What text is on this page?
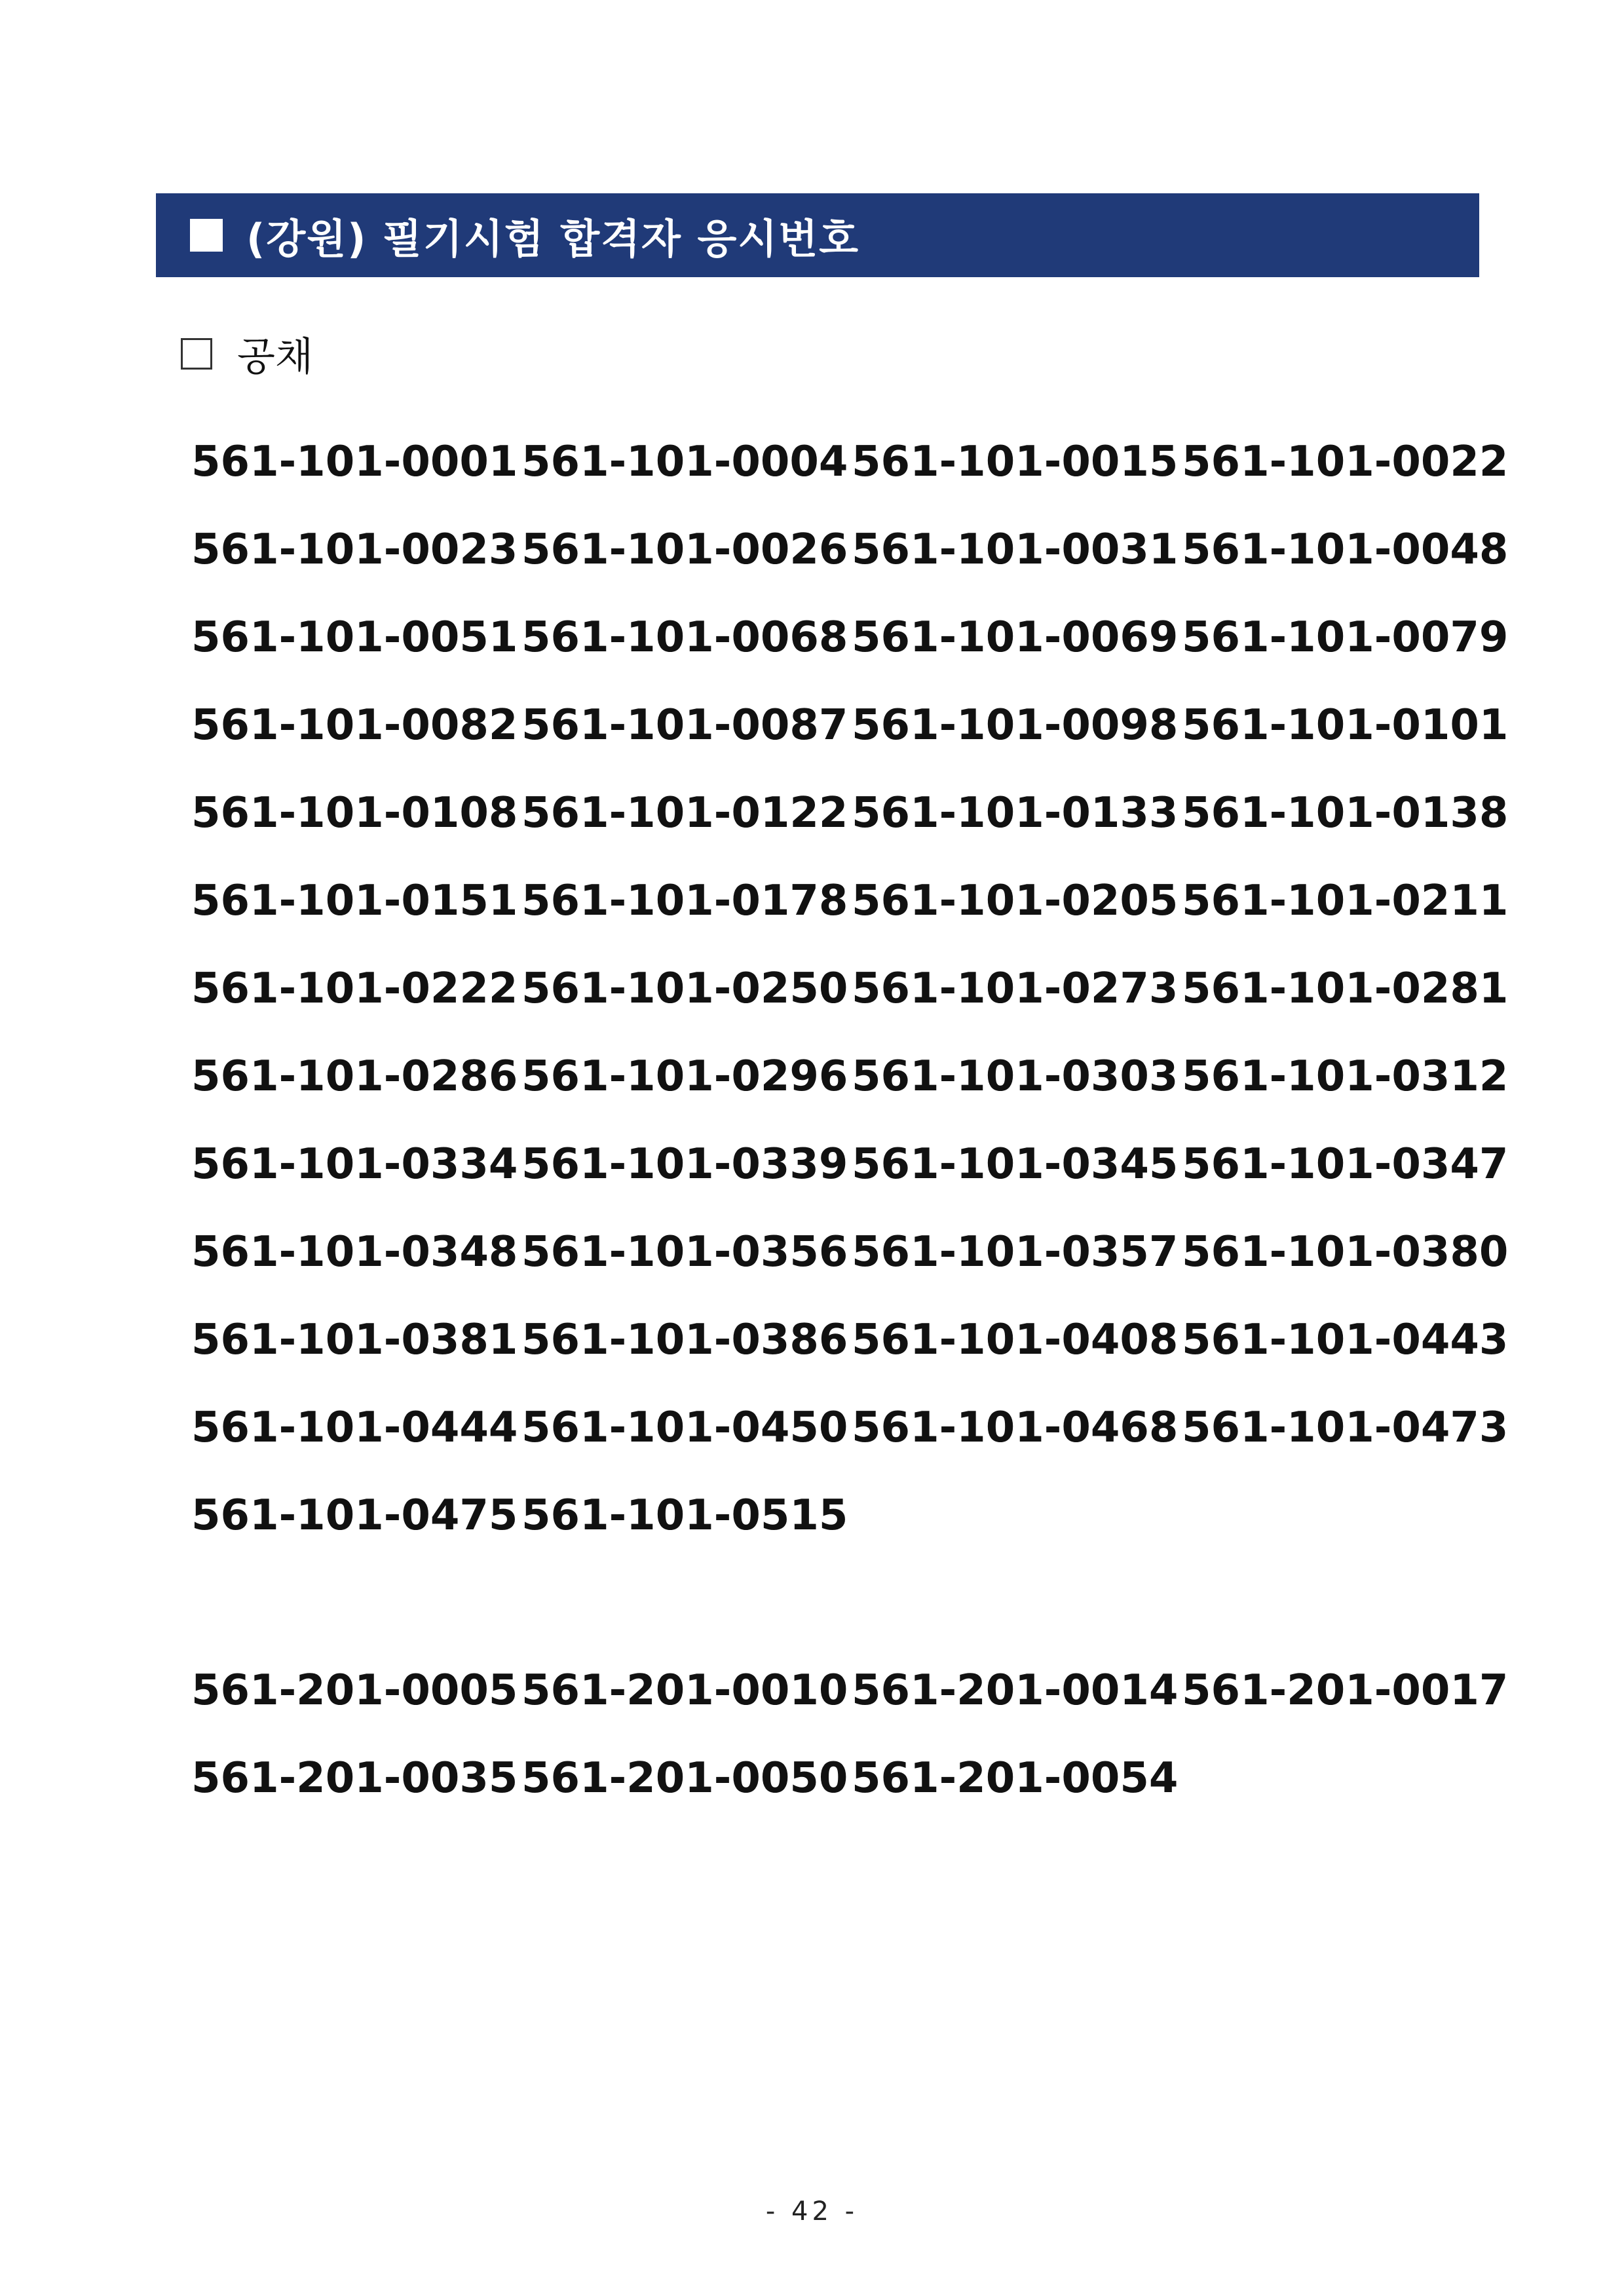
(강원) 필기시험 합격자 응시번호
공채
561-101-0001 561-101-0004 561-101-0015 561-101-0022
561-101-0023 561-101-0026 561-101-0031 561-101-0048
561-101-0051 561-101-0068 561-101-0069 561-101-0079
561-101-0082 561-101-0087 561-101-0098 561-101-0101
561-101-0108 561-101-0122 561-101-0133 561-101-0138
561-101-0151 561-101-0178 561-101-0205 561-101-0211
561-101-0222 561-101-0250 561-101-0273 561-101-0281
561-101-0286 561-101-0296 561-101-0303 561-101-0312
561-101-0334 561-101-0339 561-101-0345 561-101-0347
561-101-0348 561-101-0356 561-101-0357 561-101-0380
561-101-0381 561-101-0386 561-101-0408 561-101-0443
561-101-0444 561-101-0450 561-101-0468 561-101-0473
561-101-0475 561-101-0515
561-201-0005 561-201-0010 561-201-0014 561-201-0017
561-201-0035 561-201-0050 561-201-0054
- 42 -
